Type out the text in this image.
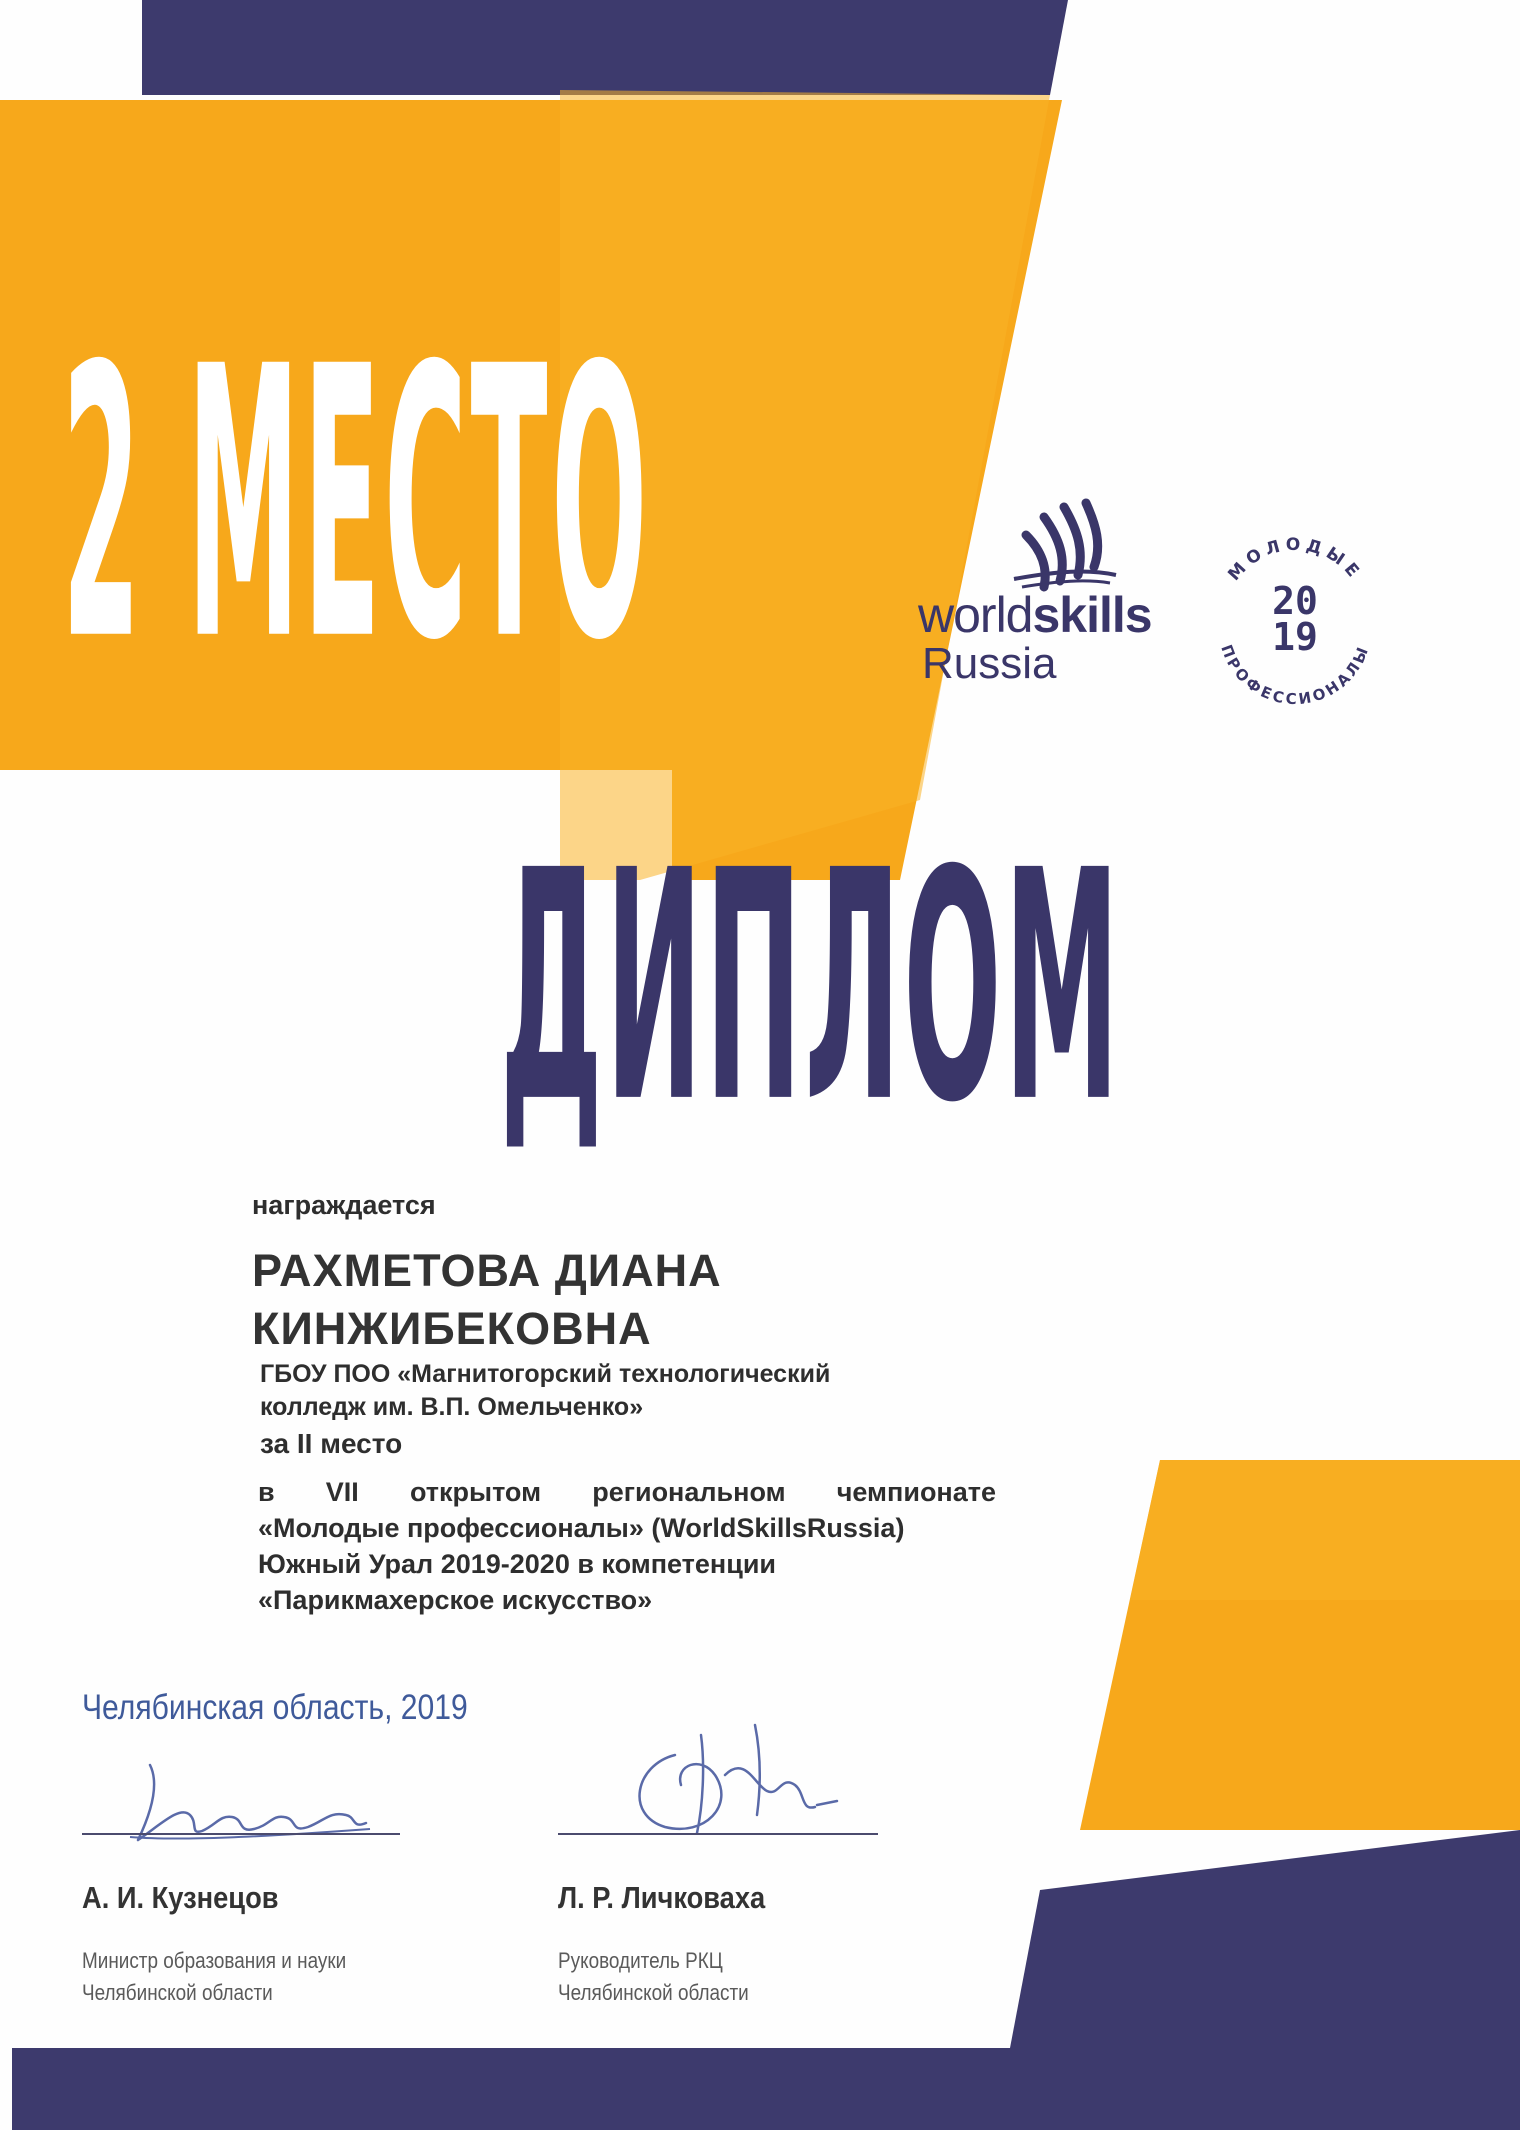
2 МЕСТО
ДИПЛОМ
worldskills
Russia
МОЛОДЫЕ
ПРОФЕССИОНАЛЫ
20
19
награждается
РАХМЕТОВА ДИАНА
КИНЖИБЕКОВНА
ГБОУ ПОО «Магнитогорский технологический
колледж им. В.П. Омельченко»
за II место
в VII открытом региональном чемпионате
«Молодые профессионалы» (WorldSkillsRussia)
Южный Урал 2019-2020 в компетенции
«Парикмахерское искусство»
Челябинская область, 2019
А. И. Кузнецов
Министр образования и науки
Челябинской области
Л. Р. Личковаха
Руководитель РКЦ
Челябинской области
